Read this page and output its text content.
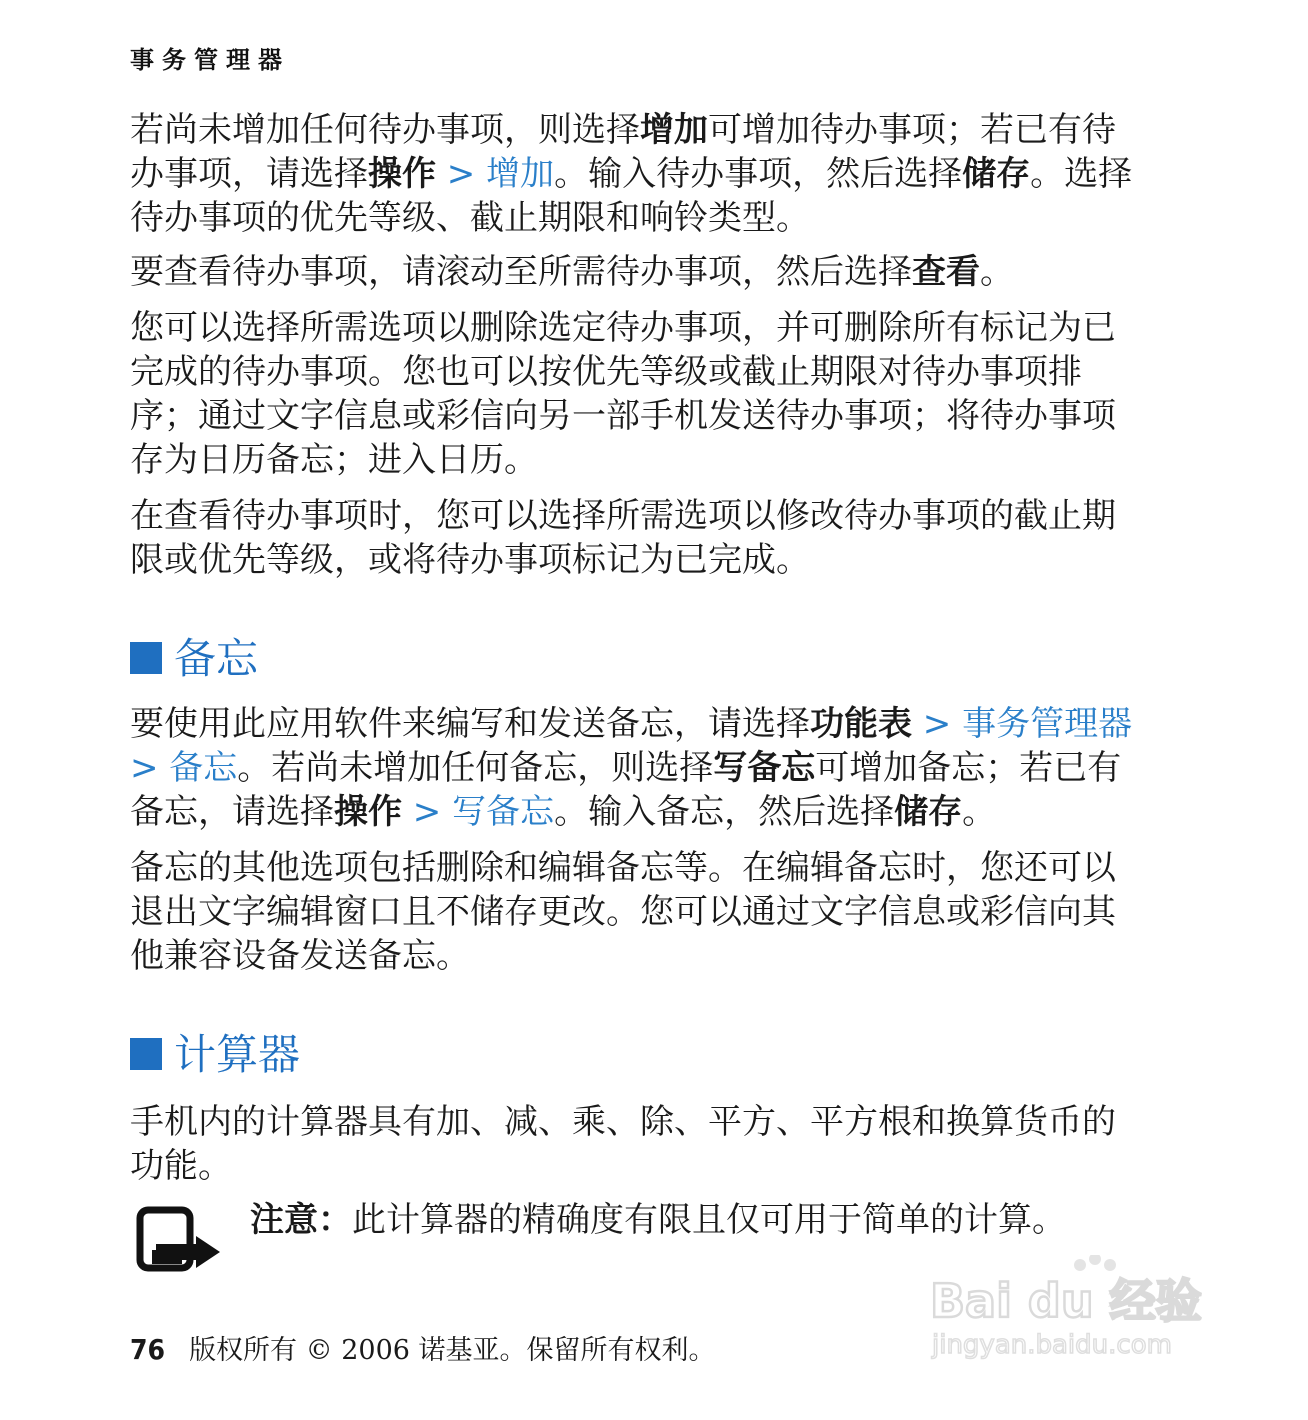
事务管理器
若尚未增加任何待办事项，则选择增加可增加待办事项；若已有待办事项，请选择操作 > 增加。输入待办事项，然后选择储存。选择待办事项的优先等级、截止期限和响铃类型。
要查看待办事项，请滚动至所需待办事项，然后选择查看。
您可以选择所需选项以删除选定待办事项，并可删除所有标记为已完成的待办事项。您也可以按优先等级或截止期限对待办事项排序；通过文字信息或彩信向另一部手机发送待办事项；将待办事项存为日历备忘；进入日历。
在查看待办事项时，您可以选择所需选项以修改待办事项的截止期限或优先等级，或将待办事项标记为已完成。
备忘
要使用此应用软件来编写和发送备忘，请选择功能表 > 事务管理器 > 备忘。若尚未增加任何备忘，则选择写备忘可增加备忘；若已有备忘，请选择操作 > 写备忘。输入备忘，然后选择储存。
备忘的其他选项包括删除和编辑备忘等。在编辑备忘时，您还可以退出文字编辑窗口且不储存更改。您可以通过文字信息或彩信向其他兼容设备发送备忘。
计算器
手机内的计算器具有加、减、乘、除、平方、平方根和换算货币的功能。
注意：此计算器的精确度有限且仅可用于简单的计算。
76 版权所有 © 2006 诺基亚。保留所有权利。
Bai du 经验
jingyan.baidu.com
